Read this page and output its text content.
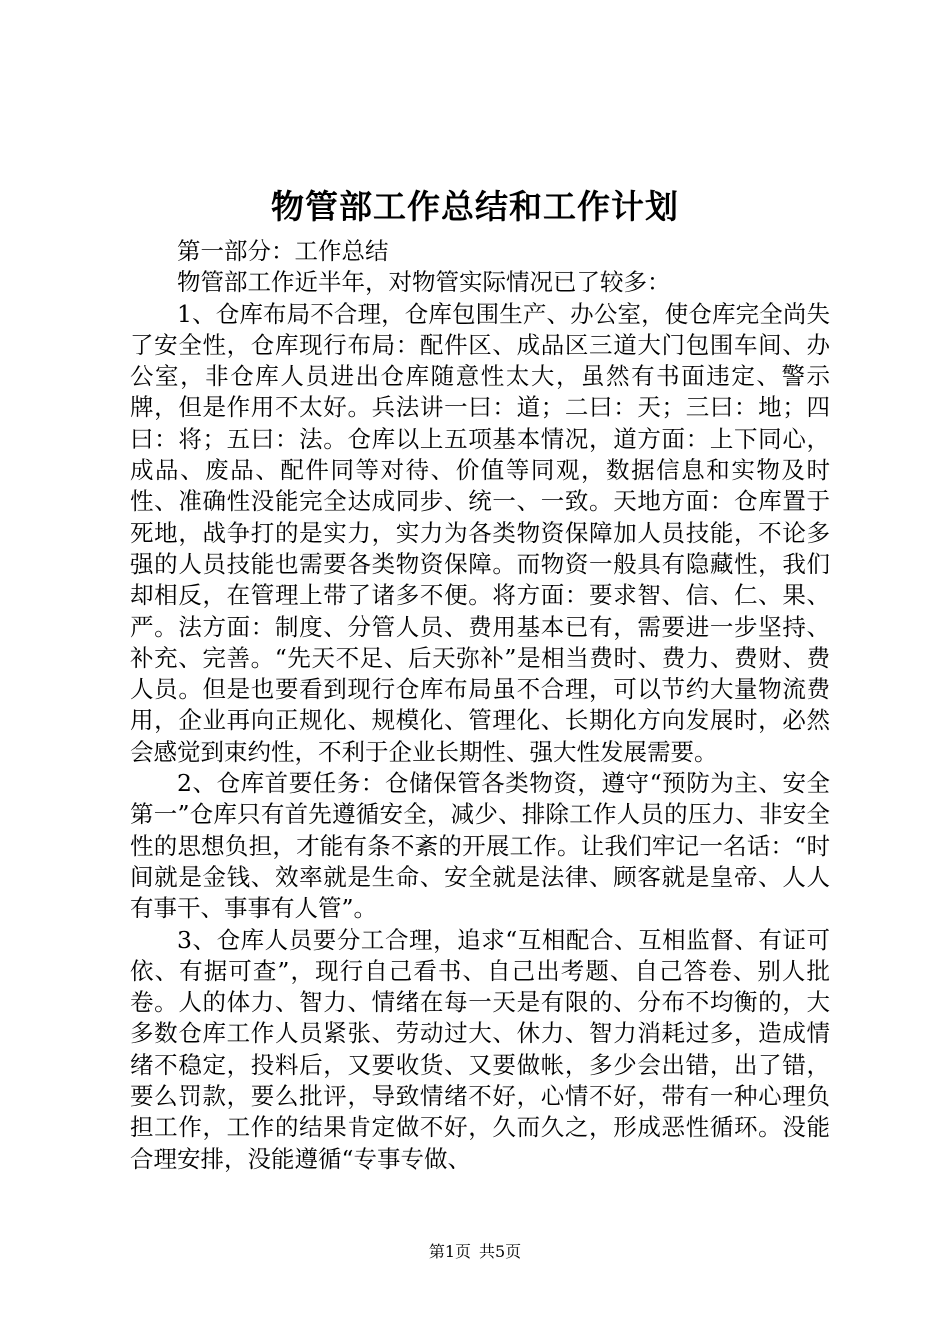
物管部工作总结和工作计划

第一部分：工作总结

物管部工作近半年，对物管实际情况已了较多：

1、仓库布局不合理，仓库包围生产、办公室，使仓库完全尚失了安全性，仓库现行布局：配件区、成品区三道大门包围车间、办公室，非仓库人员进出仓库随意性太大，虽然有书面违定、警示牌，但是作用不太好。兵法讲一曰：道；二曰：天；三曰：地；四曰：将；五曰：法。仓库以上五项基本情况，道方面：上下同心，成品、废品、配件同等对待、价值等同观，数据信息和实物及时性、准确性没能完全达成同步、统一、一致。天地方面：仓库置于死地，战争打的是实力，实力为各类物资保障加人员技能，不论多强的人员技能也需要各类物资保障。而物资一般具有隐藏性，我们却相反，在管理上带了诸多不便。将方面：要求智、信、仁、果、严。法方面：制度、分管人员、费用基本已有，需要进一步坚持、补充、完善。“先天不足、后天弥补”是相当费时、费力、费财、费人员。但是也要看到现行仓库布局虽不合理，可以节约大量物流费用，企业再向正规化、规模化、管理化、长期化方向发展时，必然会感觉到束约性，不利于企业长期性、强大性发展需要。

2、仓库首要任务：仓储保管各类物资，遵守“预防为主、安全第一”仓库只有首先遵循安全，减少、排除工作人员的压力、非安全性的思想负担，才能有条不紊的开展工作。让我们牢记一名话：“时间就是金钱、效率就是生命、安全就是法律、顾客就是皇帝、人人有事干、事事有人管”。

3、仓库人员要分工合理，追求“互相配合、互相监督、有证可依、有据可查”，现行自己看书、自己出考题、自己答卷、别人批卷。人的体力、智力、情绪在每一天是有限的、分布不均衡的，大多数仓库工作人员紧张、劳动过大、休力、智力消耗过多，造成情绪不稳定，投料后，又要收货、又要做帐，多少会出错，出了错，要么罚款，要么批评，导致情绪不好，心情不好，带有一种心理负担工作，工作的结果肯定做不好，久而久之，形成恶性循环。没能合理安排，没能遵循“专事专做、

第1页 共5页
